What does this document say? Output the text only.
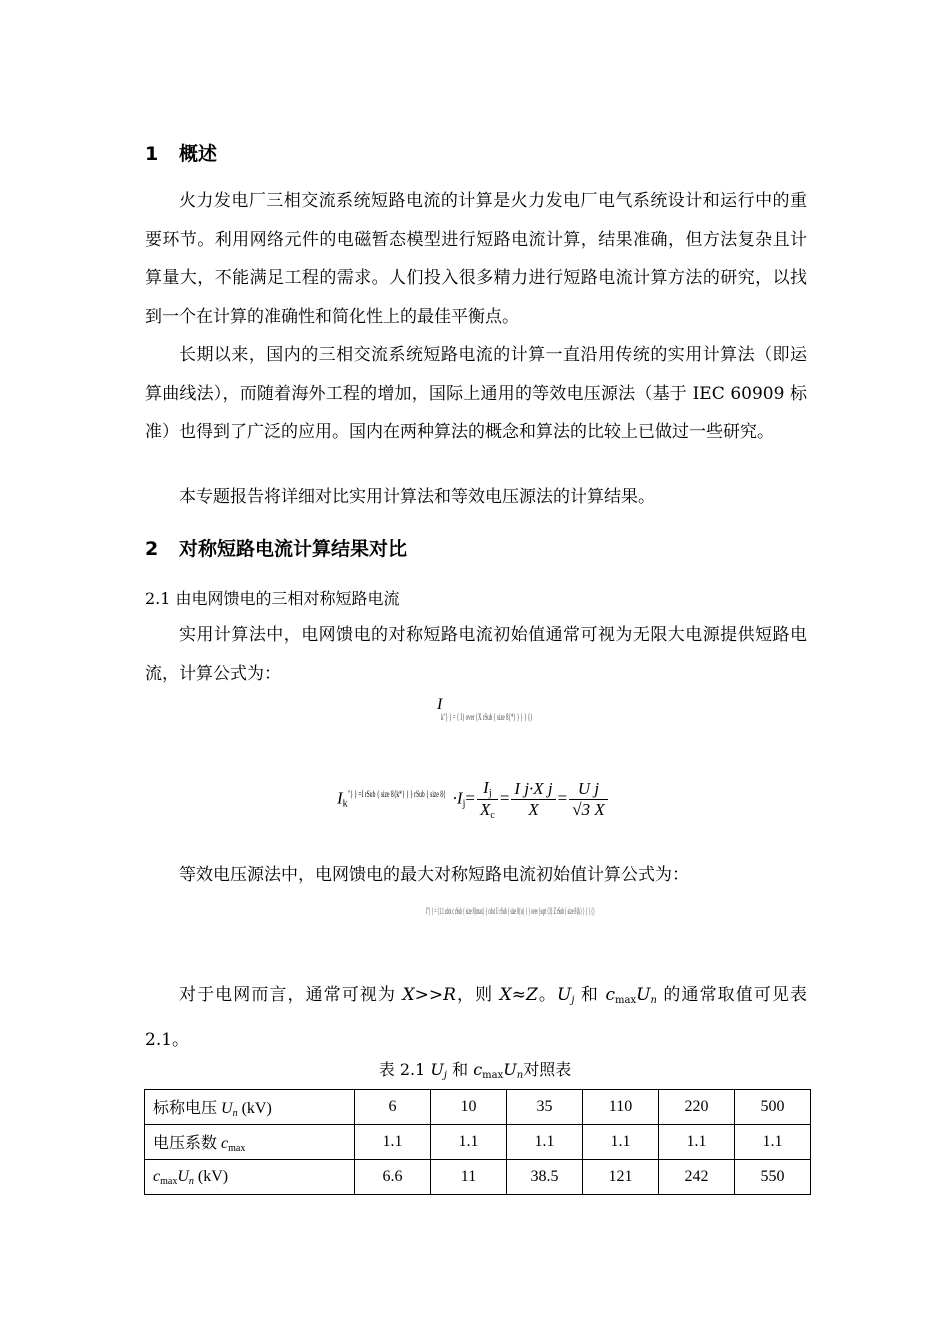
1 概述
火力发电厂三相交流系统短路电流的计算是火力发电厂电气系统设计和运行中的重要环节。利用网络元件的电磁暂态模型进行短路电流计算，结果准确，但方法复杂且计算量大，不能满足工程的需求。人们投入很多精力进行短路电流计算方法的研究，以找到一个在计算的准确性和简化性上的最佳平衡点。
长期以来，国内的三相交流系统短路电流的计算一直沿用传统的实用计算法（即运算曲线法），而随着海外工程的增加，国际上通用的等效电压源法（基于 IEC 60909 标准）也得到了广泛的应用。国内在两种算法的概念和算法的比较上已做过一些研究。
本专题报告将详细对比实用计算法和等效电压源法的计算结果。
2 对称短路电流计算结果对比
2.1 由电网馈电的三相对称短路电流
实用计算法中，电网馈电的对称短路电流初始值通常可视为无限大电源提供短路电流，计算公式为：
I
k"} } = { I} over {X rSub { size 8{*} } } } {}
$I_k$"} } =I rSub { size 8{k*} } } rSub { size $8\{ \cdot I_j= \frac{I_j}{X_c} = \frac{\text{I j·X j}}{X} = \frac{\text{U j}}{√3 X}$
等效电压源法中，电网馈电的最大对称短路电流初始值计算公式为：
I"} } = {1.1 cdot c rSub { size 8{max} } cdot U rSub { size 8{n} } } over {sqrt {3} Z rSub { size 8{k} } } } {}
对于电网而言，通常可视为 X>>R，则 X≈Z。$U_j$ 和 $c_{max}U_n$ 的通常取值可见表 2.1。
表 2.1 $U_j$ 和 $c_{max}U_n$对照表
标称电压 $U_n$ (kV)	6	10	35	110	220	500
电压系数 $c_{max}$	1.1	1.1	1.1	1.1	1.1	1.1
$c_{max}U_n$ (kV)	6.6	11	38.5	121	242	550
